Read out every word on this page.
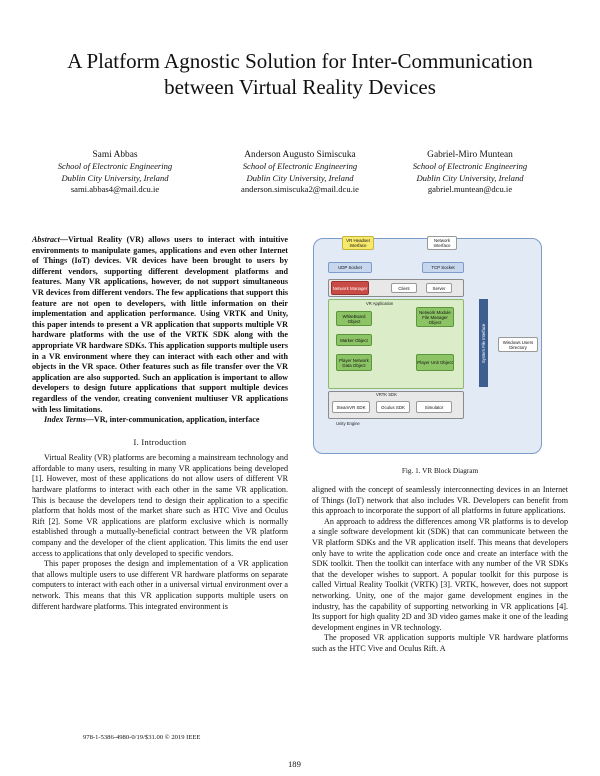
A Platform Agnostic Solution for Inter-Communication between Virtual Reality Devices
Sami Abbas
School of Electronic Engineering
Dublin City University, Ireland
sami.abbas4@mail.dcu.ie
Anderson Augusto Simiscuka
School of Electronic Engineering
Dublin City University, Ireland
anderson.simiscuka2@mail.dcu.ie
Gabriel-Miro Muntean
School of Electronic Engineering
Dublin City University, Ireland
gabriel.muntean@dcu.ie
Abstract—Virtual Reality (VR) allows users to interact with intuitive environments to manipulate games, applications and even other Internet of Things (IoT) devices. VR devices have been brought to users by different vendors, supporting different development platforms and features. Many VR applications, however, do not support simultaneous VR devices from different vendors. The few applications that support this feature are not open to developers, with little information on their implementation and application performance. Using VRTK and Unity, this paper intends to present a VR application that supports multiple VR hardware platforms with the use of the VRTK SDK along with the appropriate VR hardware SDKs. This application supports multiple users in a VR environment where they can interact with each other and with objects in the VR space. Other features such as file transfer over the VR application are also supported. Such an application is important to allow developers to design future applications that support multiple devices regardless of the vendor, creating convenient multiuser VR applications with less limitations.
Index Terms—VR, inter-communication, application, interface
I. Introduction

Virtual Reality (VR) platforms are becoming a mainstream technology and affordable to many users, resulting in many VR applications being developed [1]. However, most of these applications do not allow users of different VR hardware platforms to interact with each other in the same VR application. This is because the developers tend to design their application to a specific platform that holds most of the market share such as HTC Vive and Oculus Rift [2]. Some VR applications are platform exclusive which is normally established through a mutually-beneficial contract between the VR platform company and the developer of the client application. This limits the end user access to applications that only developed to specific vendors.

This paper proposes the design and implementation of a VR application that allows multiple users to use different VR hardware platforms on separate computers to interact with each other in a universal virtual environment over a network. This means that this VR application supports multiple users on different hardware platforms. This integrated environment is

aligned with the concept of seamlessly interconnecting devices in an Internet of Things (IoT) network that also includes VR. Developers can benefit from this approach to incorporate the support of all platforms in future applications.

An approach to address the differences among VR platforms is to develop a single software development kit (SDK) that can communicate between the VR platform SDKs and the VR application itself. This means that developers only have to write the application code once and create an interface with the SDK toolkit. Then the toolkit can interface with any number of the VR SDKs that the developer wishes to support. A popular toolkit for this purpose is called Virtual Reality Toolkit (VRTK) [3]. VRTK, however, does not support networking. Unity, one of the major game development engines in the industry, has the capability of supporting networking in VR applications [4]. Its support for high quality 2D and 3D video games make it one of the leading development engines in VR technology.

The proposed VR application supports multiple VR hardware platforms such as the HTC Vive and Oculus Rift. A

VR Headset Interface
Network Interface
UDP Socket	TCP Socket
Network Manager	Client	Server
VR Application
WhiteBoard Object
Network Module File Manager Object
Marker Object
Player Network Data Object	Player Unit Object
VRTK SDK
SteamVR SDK	Oculus SDK	Simulator
Unity Engine
System File Interface	Windows Users Directory
Fig. 1. VR Block Diagram
978-1-5386-4980-0/19/$31.00 © 2019 IEEE
189
